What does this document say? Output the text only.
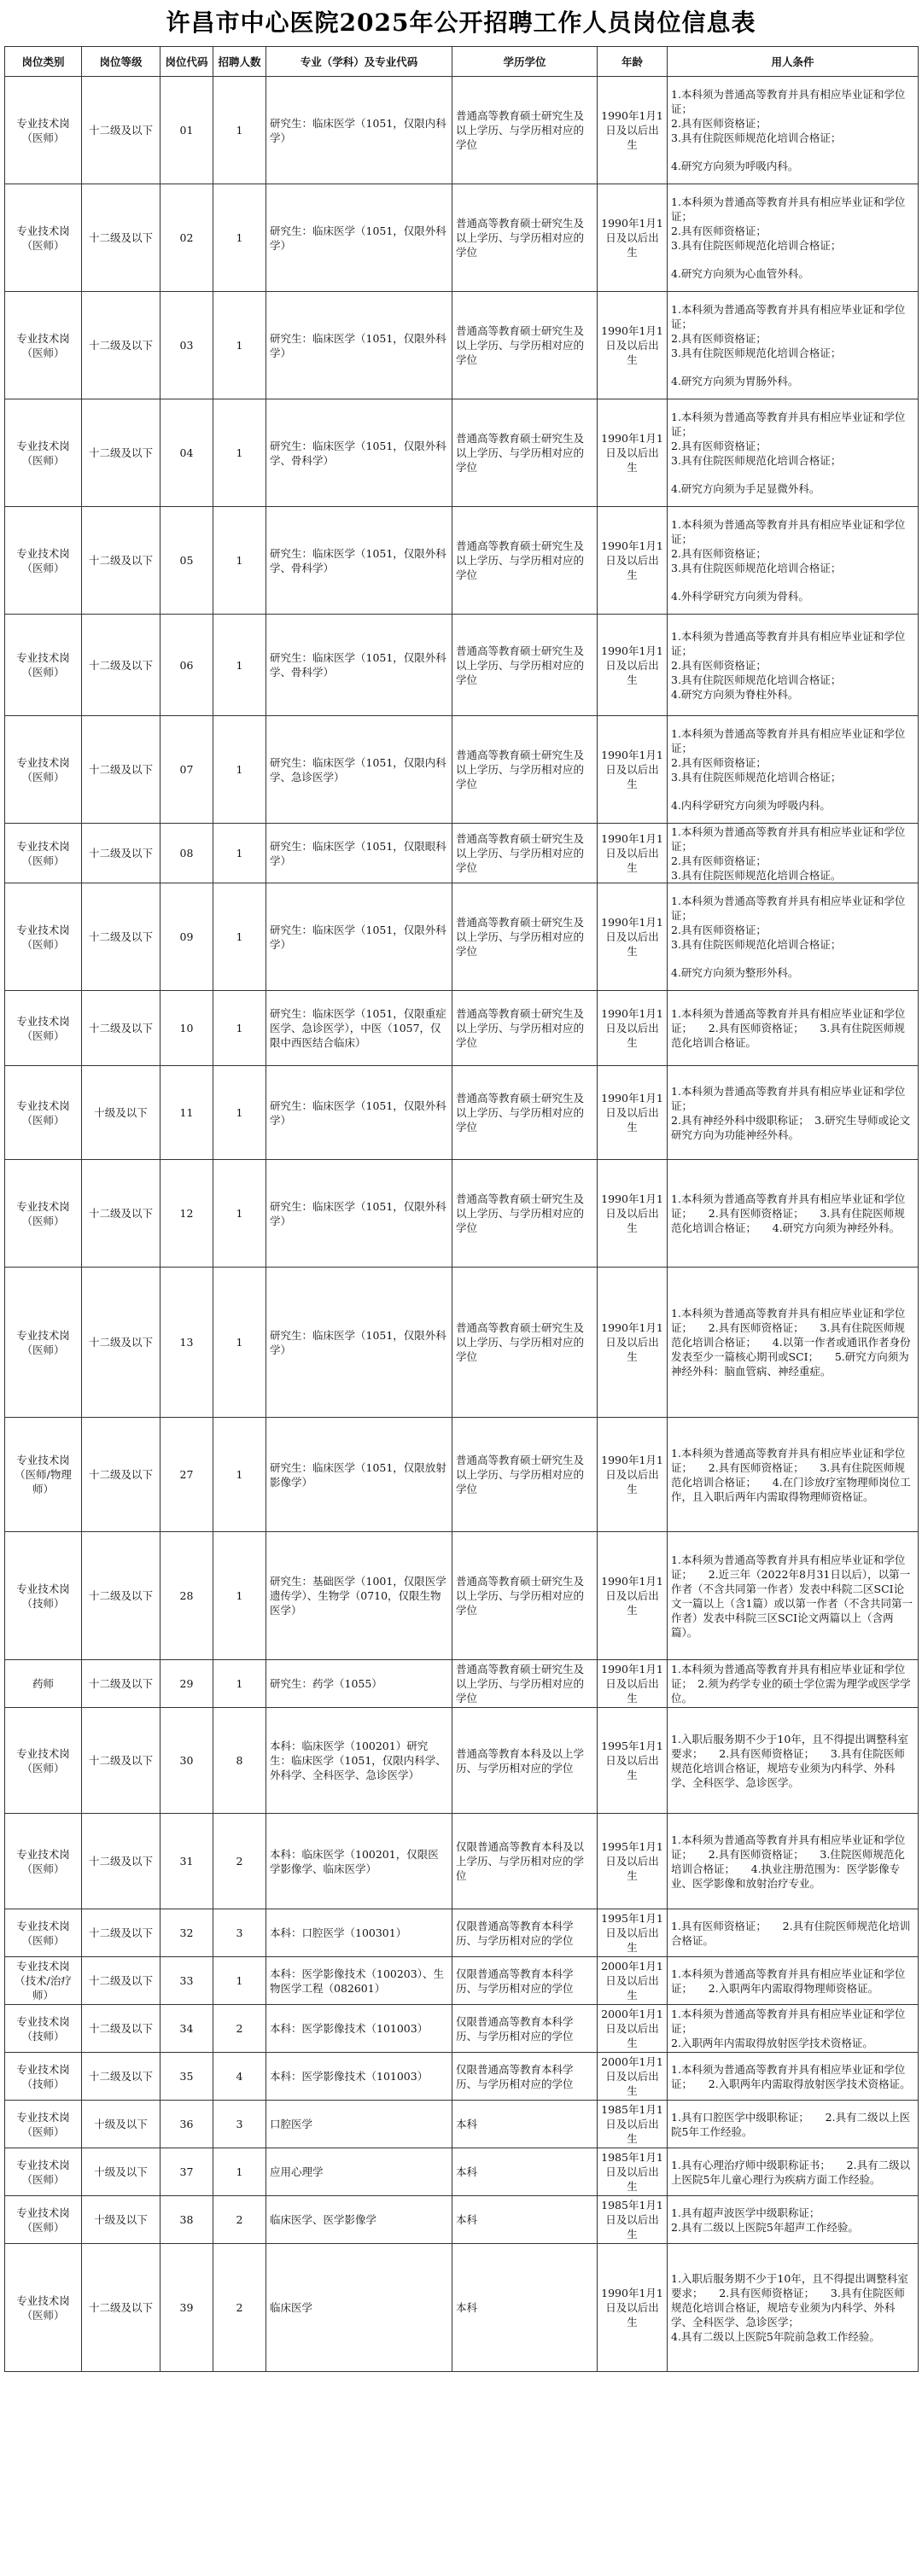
许昌市中心医院2025年公开招聘工作人员岗位信息表
岗位类别	岗位等级	岗位代码	招聘人数	专业（学科）及专业代码	学历学位	年龄	用人条件
专业技术岗（医师）	十二级及以下	01	1	研究生：临床医学（1051，仅限内科学）	普通高等教育硕士研究生及以上学历、与学历相对应的学位	1990年1月1日及以后出生	1.本科须为普通高等教育并具有相应毕业证和学位证；
2.具有医师资格证；
3.具有住院医师规范化培训合格证；
4.研究方向须为呼吸内科。

专业技术岗（医师）	十二级及以下	02	1	研究生：临床医学（1051，仅限外科学）	普通高等教育硕士研究生及以上学历、与学历相对应的学位	1990年1月1日及以后出生	1.本科须为普通高等教育并具有相应毕业证和学位证；
2.具有医师资格证；
3.具有住院医师规范化培训合格证；
4.研究方向须为心血管外科。

专业技术岗（医师）	十二级及以下	03	1	研究生：临床医学（1051，仅限外科学）	普通高等教育硕士研究生及以上学历、与学历相对应的学位	1990年1月1日及以后出生	1.本科须为普通高等教育并具有相应毕业证和学位证；
2.具有医师资格证；
3.具有住院医师规范化培训合格证；
4.研究方向须为胃肠外科。

专业技术岗（医师）	十二级及以下	04	1	研究生：临床医学（1051，仅限外科学、骨科学）	普通高等教育硕士研究生及以上学历、与学历相对应的学位	1990年1月1日及以后出生	1.本科须为普通高等教育并具有相应毕业证和学位证；
2.具有医师资格证；
3.具有住院医师规范化培训合格证；
4.研究方向须为手足显微外科。

专业技术岗（医师）	十二级及以下	05	1	研究生：临床医学（1051，仅限外科学、骨科学）	普通高等教育硕士研究生及以上学历、与学历相对应的学位	1990年1月1日及以后出生	1.本科须为普通高等教育并具有相应毕业证和学位证；
2.具有医师资格证；
3.具有住院医师规范化培训合格证；
4.外科学研究方向须为骨科。

专业技术岗（医师）	十二级及以下	06	1	研究生：临床医学（1051，仅限外科学、骨科学）	普通高等教育硕士研究生及以上学历、与学历相对应的学位	1990年1月1日及以后出生	1.本科须为普通高等教育并具有相应毕业证和学位证；
2.具有医师资格证；
3.具有住院医师规范化培训合格证；
4.研究方向须为脊柱外科。

专业技术岗（医师）	十二级及以下	07	1	研究生：临床医学（1051，仅限内科学、急诊医学）	普通高等教育硕士研究生及以上学历、与学历相对应的学位	1990年1月1日及以后出生	1.本科须为普通高等教育并具有相应毕业证和学位证；
2.具有医师资格证；
3.具有住院医师规范化培训合格证；
4.内科学研究方向须为呼吸内科。

专业技术岗（医师）	十二级及以下	08	1	研究生：临床医学（1051，仅限眼科学）	普通高等教育硕士研究生及以上学历、与学历相对应的学位	1990年1月1日及以后出生	1.本科须为普通高等教育并具有相应毕业证和学位证；
2.具有医师资格证；
3.具有住院医师规范化培训合格证。

专业技术岗（医师）	十二级及以下	09	1	研究生：临床医学（1051，仅限外科学）	普通高等教育硕士研究生及以上学历、与学历相对应的学位	1990年1月1日及以后出生	1.本科须为普通高等教育并具有相应毕业证和学位证；
2.具有医师资格证；
3.具有住院医师规范化培训合格证；
4.研究方向须为整形外科。

专业技术岗（医师）	十二级及以下	10	1	研究生：临床医学（1051，仅限重症医学、急诊医学），中医（1057，仅限中西医结合临床）	普通高等教育硕士研究生及以上学历、与学历相对应的学位	1990年1月1日及以后出生	1.本科须为普通高等教育并具有相应毕业证和学位证；　　2.具有医师资格证；　　3.具有住院医师规范化培训合格证。

专业技术岗（医师）	十级及以下	11	1	研究生：临床医学（1051，仅限外科学）	普通高等教育硕士研究生及以上学历、与学历相对应的学位	1990年1月1日及以后出生	1.本科须为普通高等教育并具有相应毕业证和学位证；
2.具有神经外科中级职称证；　3.研究生导师或论文研究方向为功能神经外科。

专业技术岗（医师）	十二级及以下	12	1	研究生：临床医学（1051，仅限外科学）	普通高等教育硕士研究生及以上学历、与学历相对应的学位	1990年1月1日及以后出生	1.本科须为普通高等教育并具有相应毕业证和学位证；　　2.具有医师资格证；　　3.具有住院医师规范化培训合格证；　　4.研究方向须为神经外科。

专业技术岗（医师）	十二级及以下	13	1	研究生：临床医学（1051，仅限外科学）	普通高等教育硕士研究生及以上学历、与学历相对应的学位	1990年1月1日及以后出生	1.本科须为普通高等教育并具有相应毕业证和学位证；　　2.具有医师资格证；　　3.具有住院医师规范化培训合格证；　　4.以第一作者或通讯作者身份发表至少一篇核心期刊或SCI；　　5.研究方向须为神经外科：脑血管病、神经重症。

专业技术岗（医师/物理师）	十二级及以下	27	1	研究生：临床医学（1051，仅限放射影像学）	普通高等教育硕士研究生及以上学历、与学历相对应的学位	1990年1月1日及以后出生	1.本科须为普通高等教育并具有相应毕业证和学位证；　　2.具有医师资格证；　　3.具有住院医师规范化培训合格证；　　4.在门诊放疗室物理师岗位工作，且入职后两年内需取得物理师资格证。

专业技术岗（技师）	十二级及以下	28	1	研究生：基础医学（1001，仅限医学遗传学）、生物学（0710，仅限生物医学）	普通高等教育硕士研究生及以上学历、与学历相对应的学位	1990年1月1日及以后出生	1.本科须为普通高等教育并具有相应毕业证和学位证；　　2.近三年（2022年8月31日以后），以第一作者（不含共同第一作者）发表中科院二区SCI论文一篇以上（含1篇）或以第一作者（不含共同第一作者）发表中科院三区SCI论文两篇以上（含两篇）。

药师	十二级及以下	29	1	研究生：药学（1055）	普通高等教育硕士研究生及以上学历、与学历相对应的学位	1990年1月1日及以后出生	1.本科须为普通高等教育并具有相应毕业证和学位证；　2.须为药学专业的硕士学位需为理学或医学学位。

专业技术岗（医师）	十二级及以下	30	8	本科：临床医学（100201）研究生：临床医学（1051，仅限内科学、外科学、全科医学、急诊医学）	普通高等教育本科及以上学历、与学历相对应的学位	1995年1月1日及以后出生	1.入职后服务期不少于10年，且不得提出调整科室要求；　　2.具有医师资格证；　　3.具有住院医师规范化培训合格证，规培专业须为内科学、外科学、全科医学、急诊医学。

专业技术岗（医师）	十二级及以下	31	2	本科：临床医学（100201，仅限医学影像学、临床医学）	仅限普通高等教育本科及以上学历、与学历相对应的学位	1995年1月1日及以后出生	1.本科须为普通高等教育并具有相应毕业证和学位证；　　2.具有医师资格证；　　3.住院医师规范化培训合格证；　　4.执业注册范围为：医学影像专业、医学影像和放射治疗专业。

专业技术岗（医师）	十二级及以下	32	3	本科：口腔医学（100301）	仅限普通高等教育本科学历、与学历相对应的学位	1995年1月1日及以后出生	1.具有医师资格证；　　2.具有住院医师规范化培训合格证。

专业技术岗（技术/治疗师）	十二级及以下	33	1	本科：医学影像技术（100203）、生物医学工程（082601）	仅限普通高等教育本科学历、与学历相对应的学位	2000年1月1日及以后出生	1.本科须为普通高等教育并具有相应毕业证和学位证；　　2.入职两年内需取得物理师资格证。

专业技术岗（技师）	十二级及以下	34	2	本科：医学影像技术（101003）	仅限普通高等教育本科学历、与学历相对应的学位	2000年1月1日及以后出生	1.本科须为普通高等教育并具有相应毕业证和学位证；
2.入职两年内需取得放射医学技术资格证。

专业技术岗（技师）	十二级及以下	35	4	本科：医学影像技术（101003）	仅限普通高等教育本科学历、与学历相对应的学位	2000年1月1日及以后出生	1.本科须为普通高等教育并具有相应毕业证和学位证；　　2.入职两年内需取得放射医学技术资格证。

专业技术岗（医师）	十级及以下	36	3	口腔医学	本科	1985年1月1日及以后出生	1.具有口腔医学中级职称证；　　2.具有二级以上医院5年工作经验。

专业技术岗（医师）	十级及以下	37	1	应用心理学	本科	1985年1月1日及以后出生	1.具有心理治疗师中级职称证书；　　2.具有二级以上医院5年儿童心理行为疾病方面工作经验。

专业技术岗（医师）	十级及以下	38	2	临床医学、医学影像学	本科	1985年1月1日及以后出生	1.具有超声波医学中级职称证；
2.具有二级以上医院5年超声工作经验。

专业技术岗（医师）	十二级及以下	39	2	临床医学	本科	1990年1月1日及以后出生	1.入职后服务期不少于10年，且不得提出调整科室要求；　　2.具有医师资格证；　　3.具有住院医师规范化培训合格证，规培专业须为内科学、外科学、全科医学、急诊医学；
4.具有二级以上医院5年院前急救工作经验。
